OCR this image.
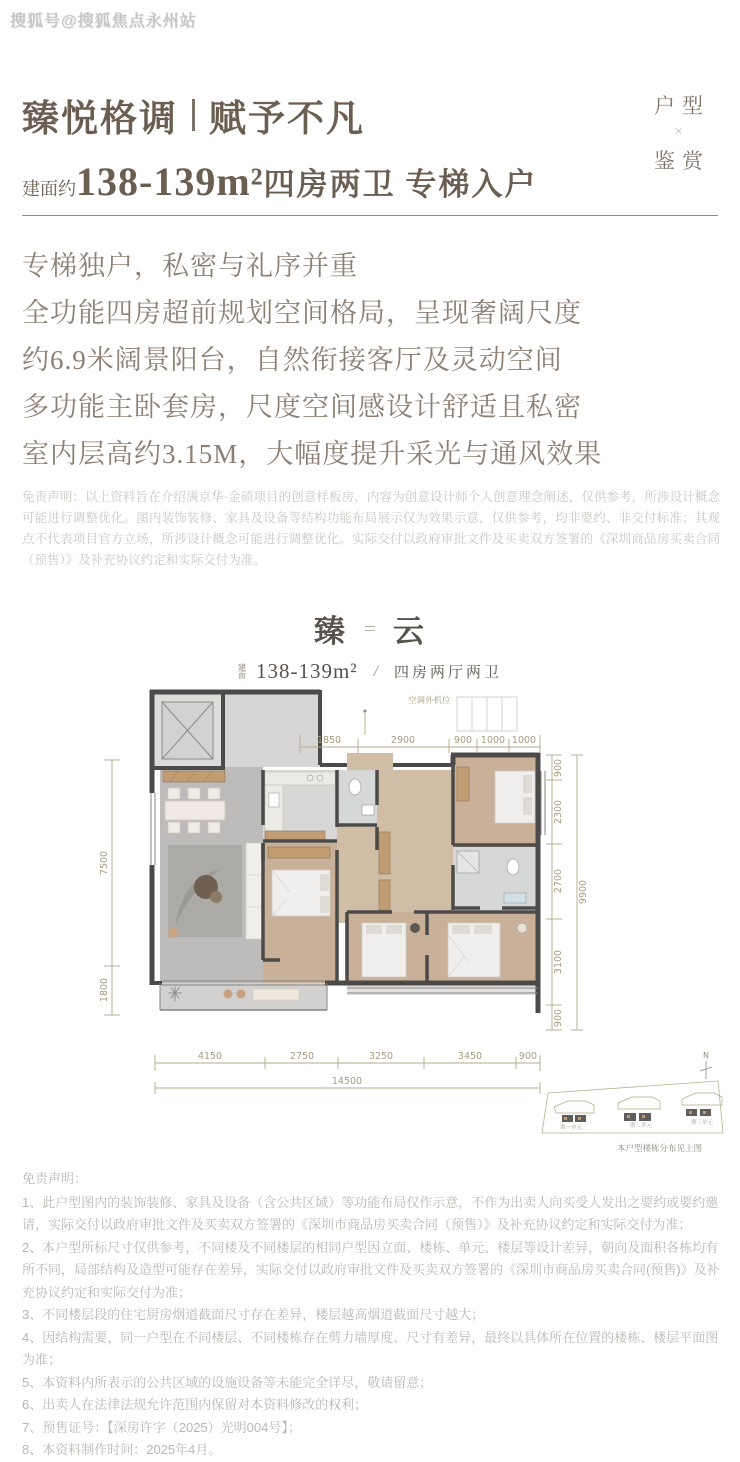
搜狐号@搜狐焦点永州站
臻悦格调 赋予不凡
建面约 138-139m² 四房两卫 专梯入户
户型
×
鉴赏

专梯独户，私密与礼序并重

全功能四房超前规划空间格局，呈现奢阔尺度

约6.9米阔景阳台，自然衔接客厅及灵动空间

多功能主卧套房，尺度空间感设计舒适且私密

室内层高约3.15M，大幅度提升采光与通风效果

免责声明：以上资料旨在介绍满京华·金硕项目的创意样板房，内容为创意设计师个人创意理念阐述，仅供参考，所涉设计概念可能进行调整优化。图内装饰装修、家具及设备等结构功能布局展示仅为效果示意，仅供参考，均非要约、非交付标准；其观点不代表项目官方立场，所涉设计概念可能进行调整优化。实际交付以政府审批文件及买卖双方签署的《深圳商品房买卖合同（预售）》及补充协议约定和实际交付为准。
臻 云
建
面 138-139m²	/	四房两厅两卫
空调外机位
1850	2900	900 1000 1000
900
2300
2700
3100
900
9900
4150	2750	3250	3450	900
14500
7500
1800
期一单元	期二单元	期三单元
N
本户型楼栋分布见上图

免责声明：

1、此户型图内的装饰装修、家具及设备（含公共区域）等功能布局仅作示意，不作为出卖人向买受人发出之要约或要约邀请，实际交付以政府审批文件及买卖双方签署的《深圳市商品房买卖合同（预售）》及补充协议约定和实际交付为准；

2、本户型所标尺寸仅供参考，不同楼及不同楼层的相同户型因立面、楼栋、单元、楼层等设计差异，朝向及面积各栋均有所不同，局部结构及造型可能存在差异，实际交付以政府审批文件及买卖双方签署的《深圳市商品房买卖合同(预售)》及补充协议约定和实际交付为准；

3、不同楼层段的住宅厨房烟道截面尺寸存在差异，楼层越高烟道截面尺寸越大；

4、因结构需要，同一户型在不同楼层、不同楼栋存在剪力墙厚度、尺寸有差异，最终以具体所在位置的楼栋、楼层平面图为准；

5、本资料内所表示的公共区域的设施设备等未能完全详尽，敬请留意；

6、出卖人在法律法规允许范围内保留对本资料修改的权利；

7、预售证号：【深房许字（2025）光明004号】；

8、本资料制作时间：2025年4月。
